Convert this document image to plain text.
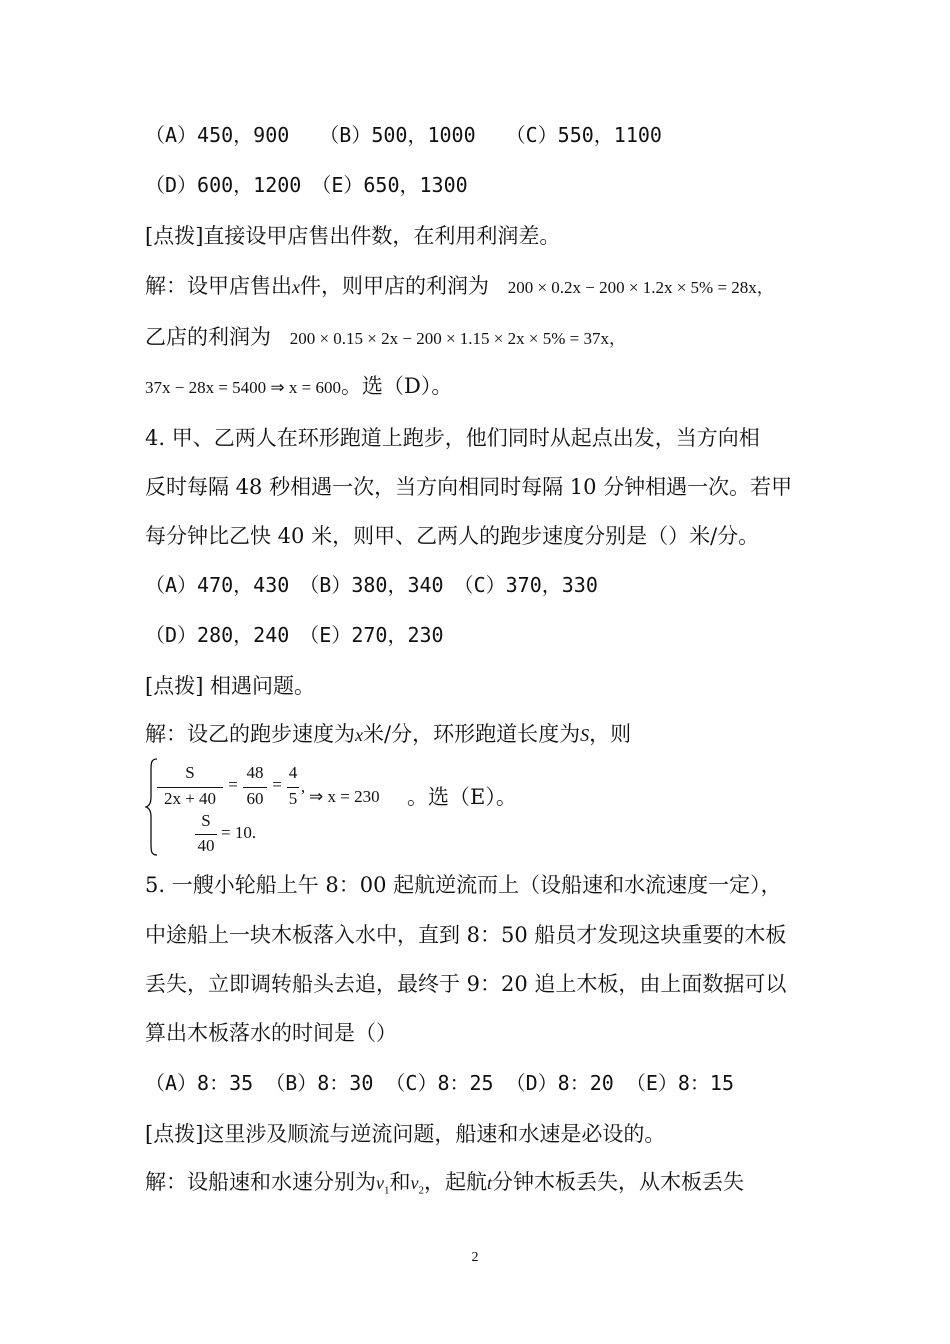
（A）450，900　　（B）500，1000　　（C）550，1100
（D）600，1200　（E）650，1300
[点拨]直接设甲店售出件数，在利用利润差。
解：设甲店售出x件，则甲店的利润为 200 × 0.2x − 200 × 1.2x × 5% = 28x，
乙店的利润为 200 × 0.15 × 2x − 200 × 1.15 × 2x × 5% = 37x，
37x − 28x = 5400 ⇒ x = 600。选（D）。
4. 甲、乙两人在环形跑道上跑步，他们同时从起点出发，当方向相
反时每隔 48 秒相遇一次，当方向相同时每隔 10 分钟相遇一次。若甲
每分钟比乙快 40 米，则甲、乙两人的跑步速度分别是（）米/分。
（A）470，430　（B）380，340　（C）370，330
（D）280，240　（E）270，230
[点拨] 相遇问题。
解：设乙的跑步速度为x米/分，环形跑道长度为S，则
S
2x + 40
=
48
60
=
4
5
,
⇒ x = 230	。选（E）。
S
40
= 10.
5. 一艘小轮船上午 8：00 起航逆流而上（设船速和水流速度一定），
中途船上一块木板落入水中，直到 8：50 船员才发现这块重要的木板
丢失，立即调转船头去追，最终于 9：20 追上木板，由上面数据可以
算出木板落水的时间是（）
（A）8：35 （B）8：30 （C）8：25 （D）8：20 （E）8：15
[点拨]这里涉及顺流与逆流问题，船速和水速是必设的。
解：设船速和水速分别为$v_1$和$v_2$，起航t分钟木板丢失，从木板丢失
2
